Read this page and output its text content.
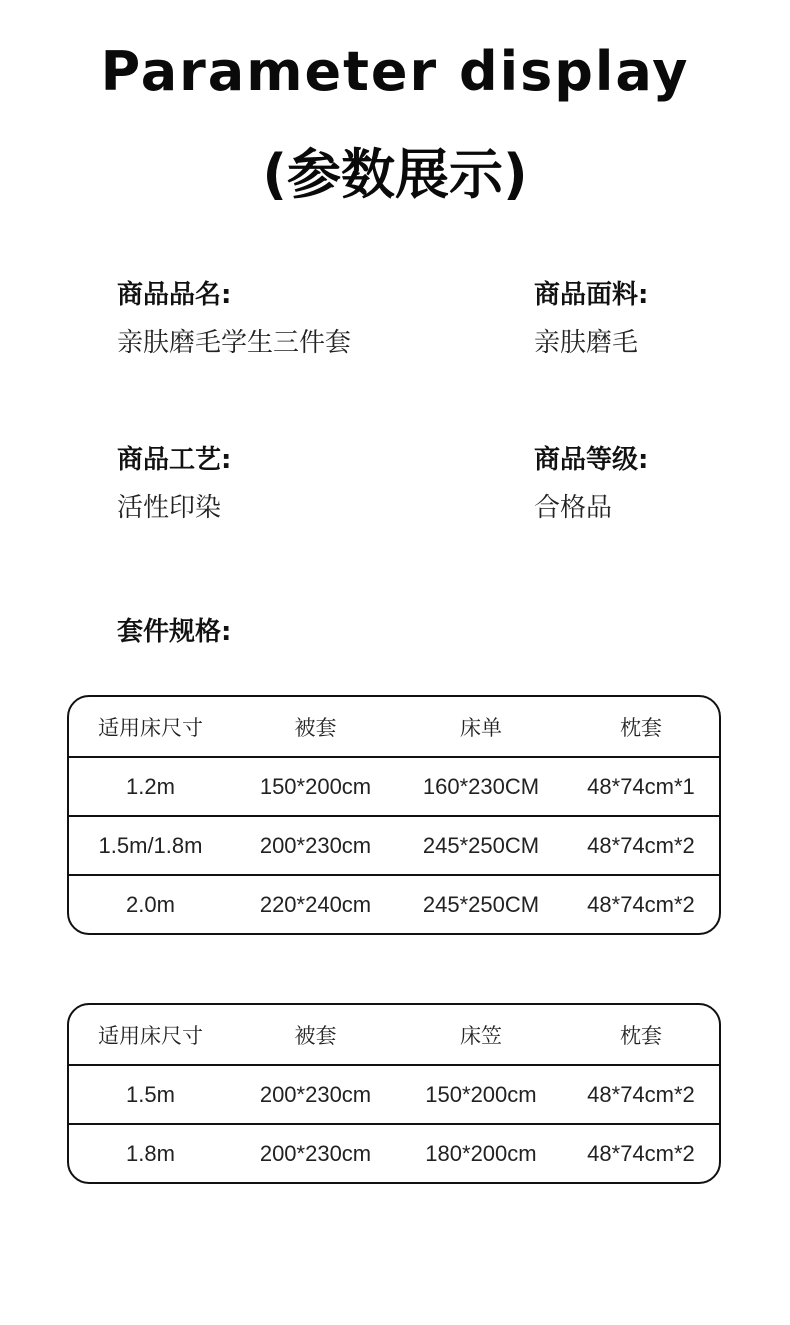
Parameter display
(参数展示)
商品品名:
亲肤磨毛学生三件套
商品面料:
亲肤磨毛
商品工艺:
活性印染
商品等级:
合格品
套件规格:
适用床尺寸	被套	床单	枕套
1.2m	150*200cm	160*230CM	48*74cm*1
1.5m/1.8m	200*230cm	245*250CM	48*74cm*2
2.0m	220*240cm	245*250CM	48*74cm*2
适用床尺寸	被套	床笠	枕套
1.5m	200*230cm	150*200cm	48*74cm*2
1.8m	200*230cm	180*200cm	48*74cm*2
